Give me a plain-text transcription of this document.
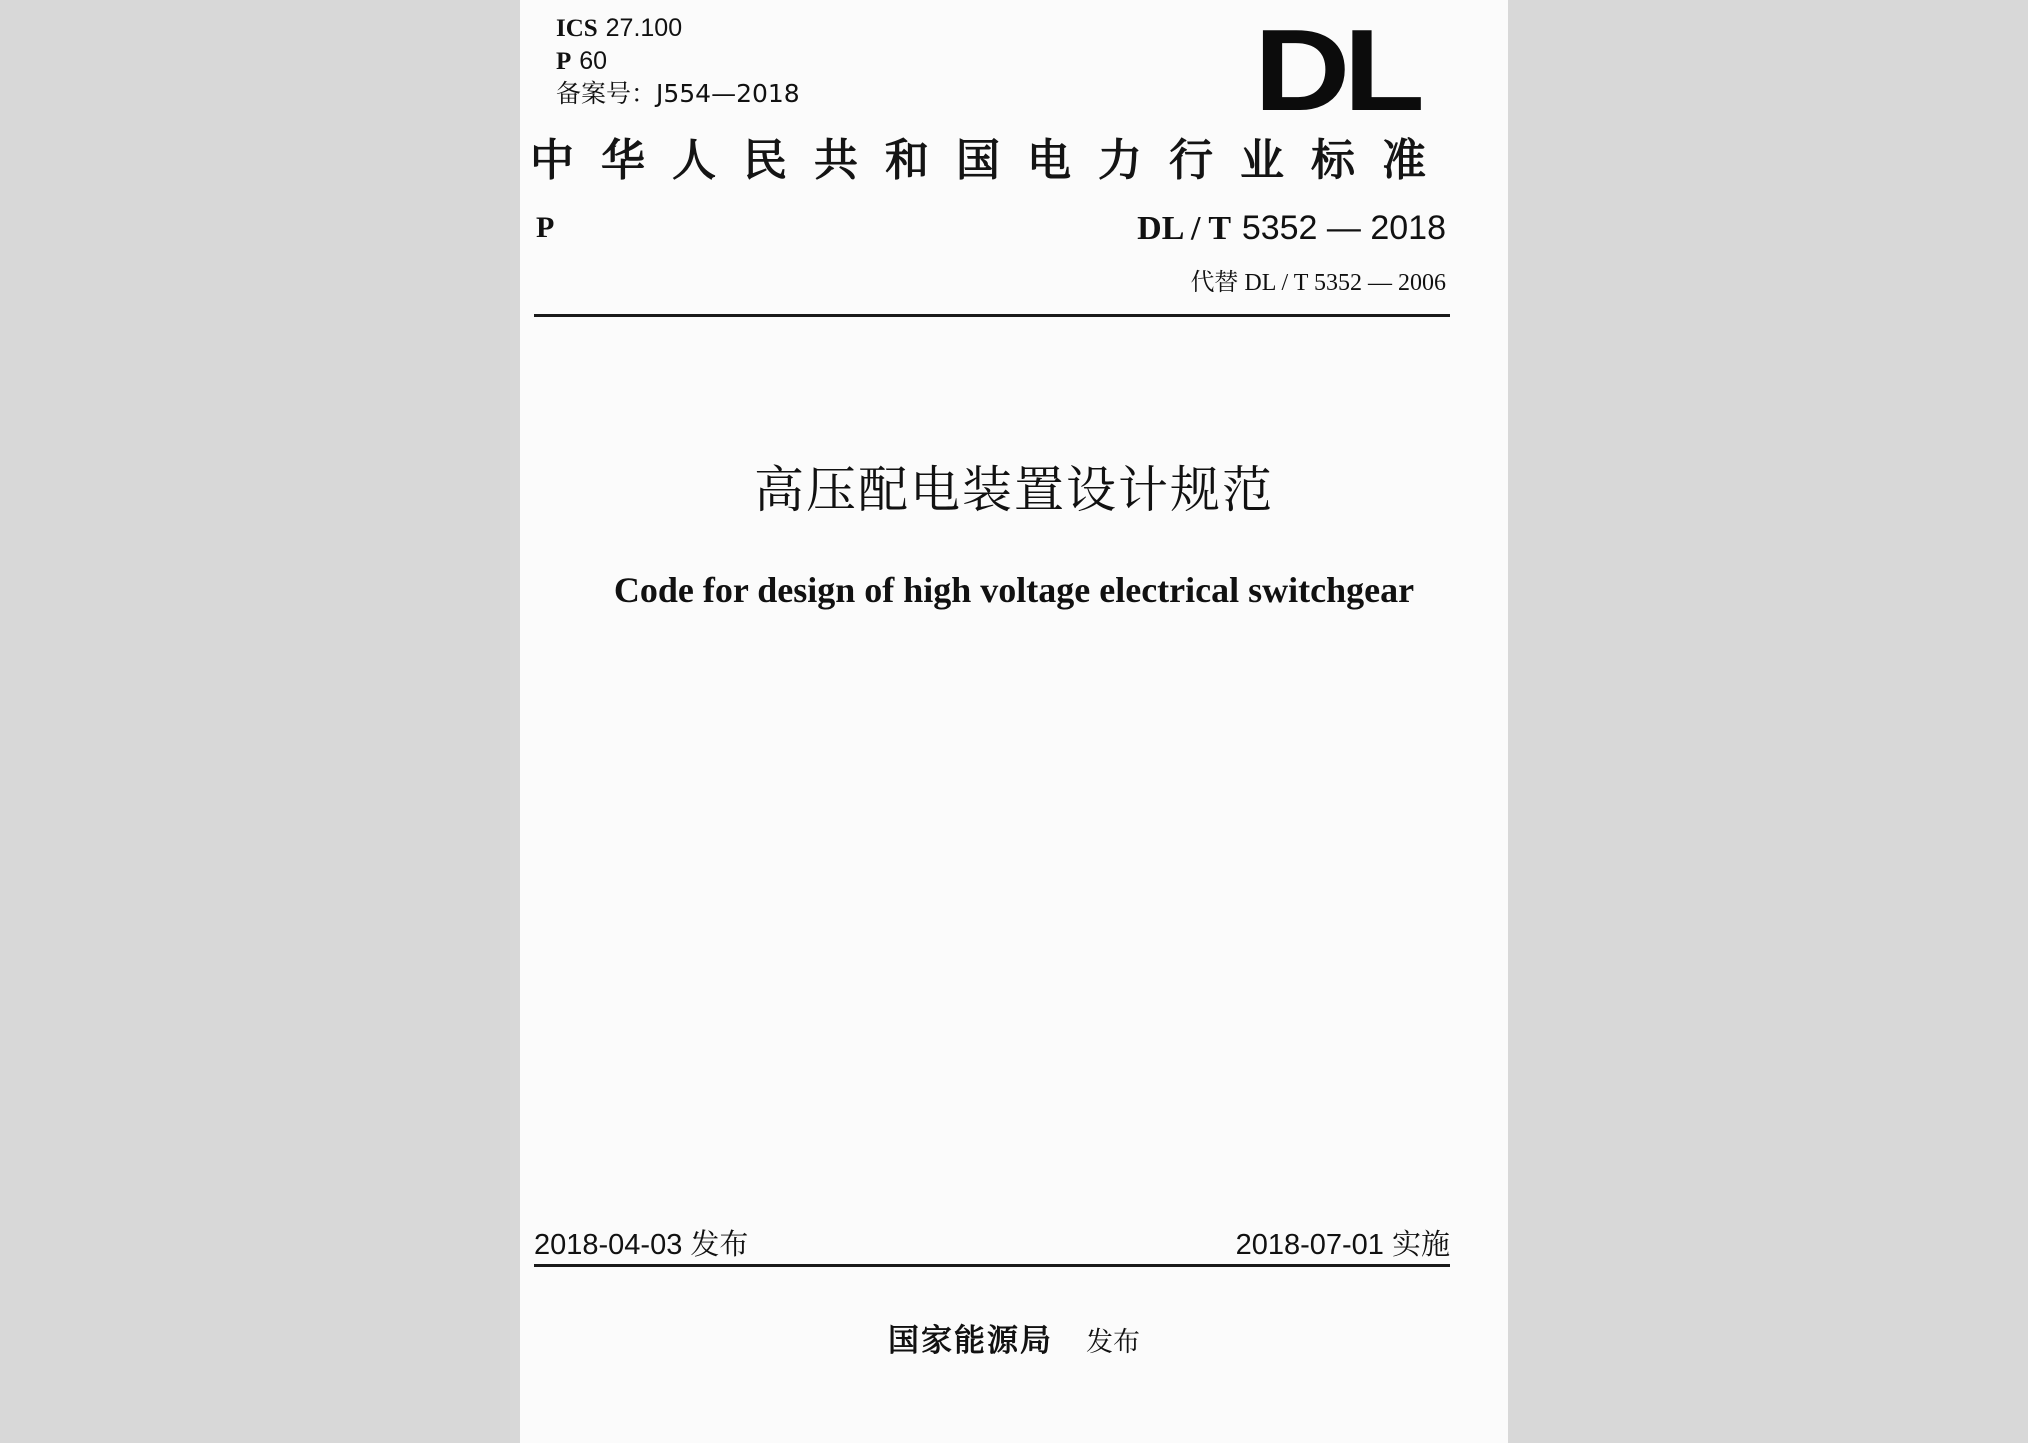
ICS 27.100
P 60
备案号：J554—2018	DL
中华人民共和国电力行业标准
P	DL / T 5352 — 2018
代替 DL / T 5352 — 2006
高压配电装置设计规范
Code for design of high voltage electrical switchgear
2018-04-03 发布	2018-07-01 实施
国家能源局 发布
